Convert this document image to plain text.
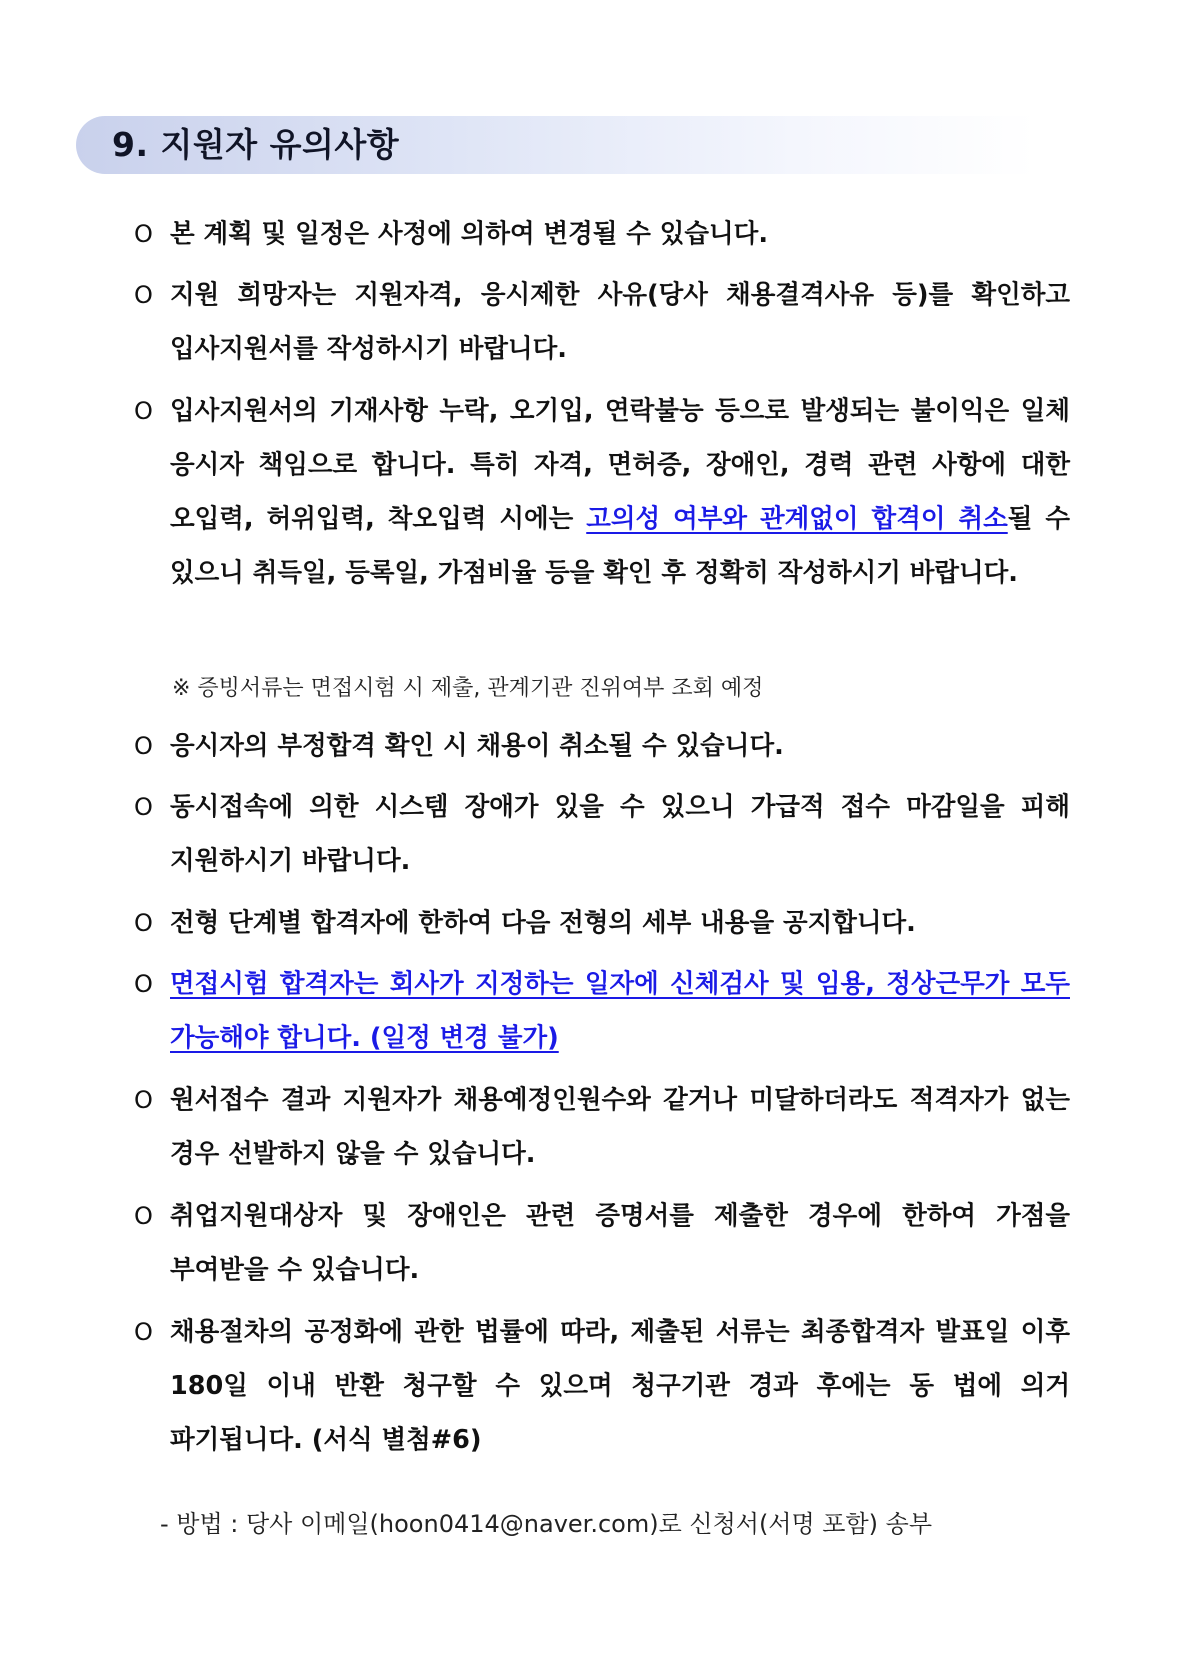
9. 지원자 유의사항
O 본 계획 및 일정은 사정에 의하여 변경될 수 있습니다.
O 지원 희망자는 지원자격, 응시제한 사유(당사 채용결격사유 등)를 확인하고 입사지원서를 작성하시기 바랍니다.
O 입사지원서의 기재사항 누락, 오기입, 연락불능 등으로 발생되는 불이익은 일체 응시자 책임으로 합니다. 특히 자격, 면허증, 장애인, 경력 관련 사항에 대한 오입력, 허위입력, 착오입력 시에는 고의성 여부와 관계없이 합격이 취소될 수 있으니 취득일, 등록일, 가점비율 등을 확인 후 정확히 작성하시기 바랍니다.
※ 증빙서류는 면접시험 시 제출, 관계기관 진위여부 조회 예정
O 응시자의 부정합격 확인 시 채용이 취소될 수 있습니다.
O 동시접속에 의한 시스템 장애가 있을 수 있으니 가급적 접수 마감일을 피해 지원하시기 바랍니다.
O 전형 단계별 합격자에 한하여 다음 전형의 세부 내용을 공지합니다.
O 면접시험 합격자는 회사가 지정하는 일자에 신체검사 및 임용, 정상근무가 모두 가능해야 합니다. (일정 변경 불가)
O 원서접수 결과 지원자가 채용예정인원수와 같거나 미달하더라도 적격자가 없는 경우 선발하지 않을 수 있습니다.
O 취업지원대상자 및 장애인은 관련 증명서를 제출한 경우에 한하여 가점을 부여받을 수 있습니다.
O 채용절차의 공정화에 관한 법률에 따라, 제출된 서류는 최종합격자 발표일 이후 180일 이내 반환 청구할 수 있으며 청구기관 경과 후에는 동 법에 의거 파기됩니다. (서식 별첨#6)
- 방법 : 당사 이메일(hoon0414@naver.com)로 신청서(서명 포함) 송부
